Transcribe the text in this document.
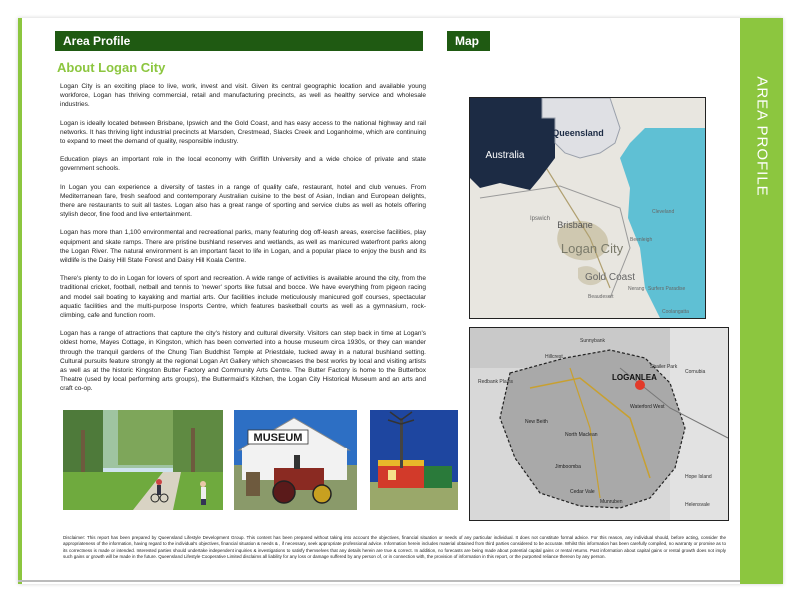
AREA PROFILE
Area Profile	Map
About Logan City

Logan City is an exciting place to live, work, invest and visit. Given its central geographic location and available young workforce, Logan has thriving commercial, retail and manufacturing precincts, as well as healthy service and wholesale industries.

Logan is ideally located between Brisbane, Ipswich and the Gold Coast, and has easy access to the national highway and rail networks. It has thriving light industrial precincts at Marsden, Crestmead, Slacks Creek and Loganholme, which are continuing to expand to meet the demand of quality, responsible industry.

Education plays an important role in the local economy with Griffith University and a wide choice of private and state government schools.

In Logan you can experience a diversity of tastes in a range of quality cafe, restaurant, hotel and club venues. From Mediterranean fare, fresh seafood and contemporary Australian cuisine to the best of Asian, Indian and European delights, there are restaurants to suit all tastes. Logan also has a great range of sporting and service clubs as well as hotels offering stylish decor, fine food and live entertainment.

Logan has more than 1,100 environmental and recreational parks, many featuring dog off-leash areas, exercise facilities, play equipment and skate ramps. There are pristine bushland reserves and wetlands, as well as manicured waterfront parks along the Logan River. The natural environment is an important facet to life in Logan, and a popular place to enjoy the bush and its wildlife is the Daisy Hill State Forest and Daisy Hill Koala Centre.

There's plenty to do in Logan for lovers of sport and recreation. A wide range of activities is available around the city, from the traditional cricket, football, netball and tennis to 'newer' sports like futsal and bocce. We have everything from pigeon racing and model sail boating to kayaking and martial arts. Our facilities include meticulously manicured golf courses, spectacular aquatic facilities and the multi-purpose Insports Centre, which features basketball courts as well as a gymnasium, rock-climbing, cafe and function room.

Logan has a range of attractions that capture the city's history and cultural diversity. Visitors can step back in time at Logan's oldest home, Mayes Cottage, in Kingston, which has been converted into a house museum circa 1930s, or they can wander through the tranquil gardens of the Chung Tian Buddhist Temple at Priestdale, tucked away in a natural bushland setting. Cultural pursuits feature strongly at the regional Logan Art Gallery which showcases the best works by local and visiting artists as well as at the historic Kingston Butter Factory and Community Arts Centre. The Butter Factory is home to the Butterbox Theatre (used by local performing arts groups), the Buttermaid's Kitchen, the Logan City Historical Museum and an arts and craft co-op.

MUSEUM
Queensland
Australia
Brisbane
Ipswich
Logan City
Beenleigh
Gold Coast
Beaudesert
Nerang Surfers Paradise
Coolangatta
Cleveland
LOGANLEA
Sunnybank
Hillcrest
Redbank Plains
New Beith
North Maclean
Jimboomba
Cedar Vale
Munruben
Waterford West
Hope Island
Helensvale
Cornubia
Shailer Park
Disclaimer: This report has been prepared by Queensland Lifestyle Development Group. This content has been prepared without taking into account the objectives, financial situation or needs of any particular individual. It does not constitute formal advice. For this reason, any individual should, before acting, consider the appropriateness of the information, having regard to the individual's objectives, financial situation & needs & , if necessary, seek appropriate professional advice. Information herein includes material obtained from third parties considered to be accurate. Whilst this information has been carefully compiled, no warranty or promise as to its correctness is made or intended. Interested parties should undertake independent inquiries & investigations to satisfy themselves that any details herein are true & correct. In addition, no forecasts are being made about potential capital gains or rental returns. Past information about capital gains or rental growth does not imply such gains or growth will be made in the future. Queensland Lifestyle Cooperative Limited disclaims all liability for any loss or damage suffered by any person of, or in connection with, the provision of information in this report, or the purported reliance thereon by any person.
